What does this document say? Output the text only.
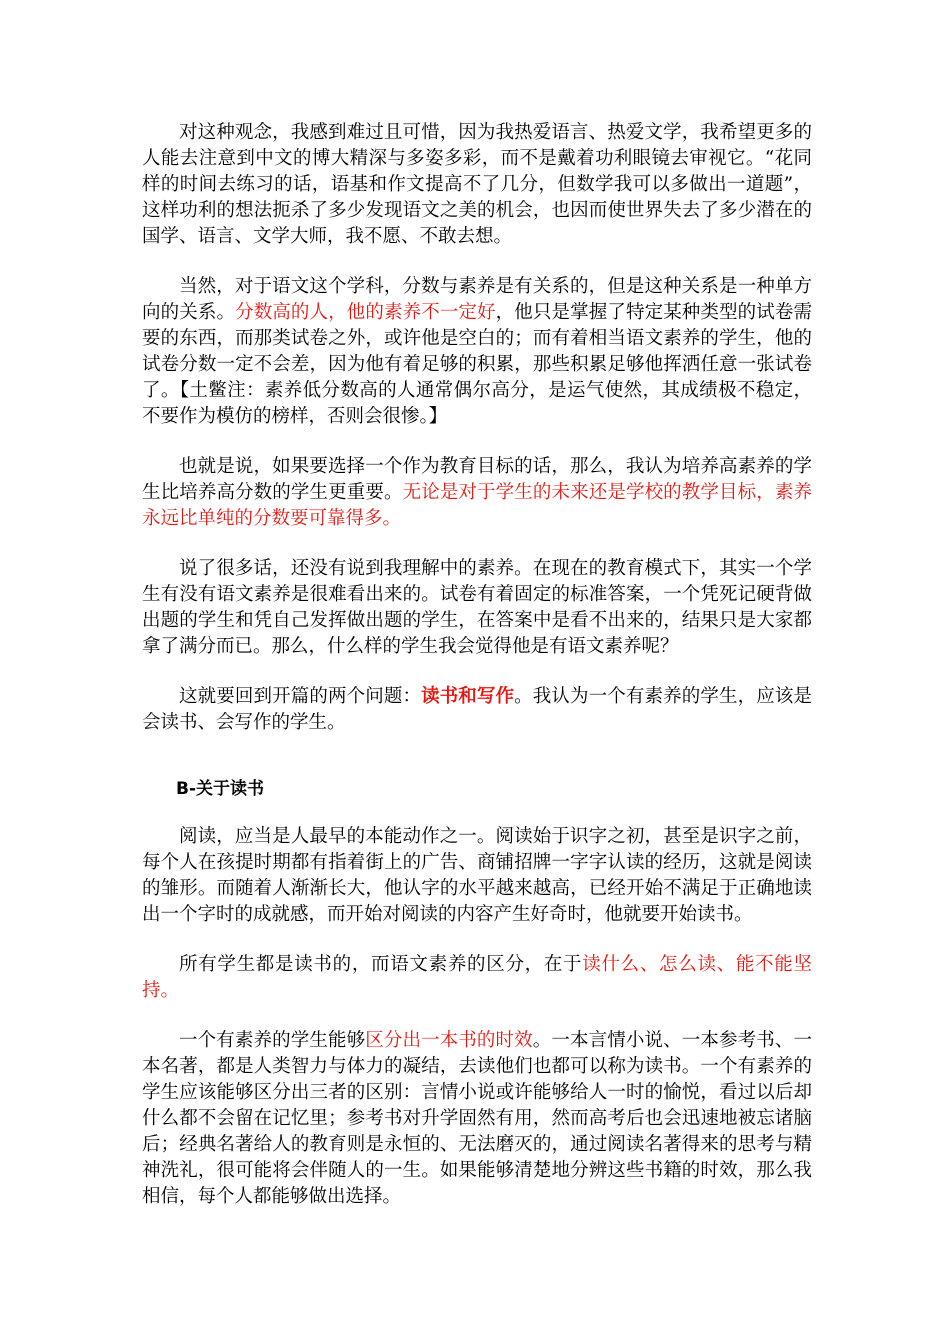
对这种观念，我感到难过且可惜，因为我热爱语言、热爱文学，我希望更多的人能去注意到中文的博大精深与多姿多彩，而不是戴着功利眼镜去审视它。“花同样的时间去练习的话，语基和作文提高不了几分，但数学我可以多做出一道题”，这样功利的想法扼杀了多少发现语文之美的机会，也因而使世界失去了多少潜在的国学、语言、文学大师，我不愿、不敢去想。

当然，对于语文这个学科，分数与素养是有关系的，但是这种关系是一种单方向的关系。分数高的人，他的素养不一定好，他只是掌握了特定某种类型的试卷需要的东西，而那类试卷之外，或许他是空白的；而有着相当语文素养的学生，他的试卷分数一定不会差，因为他有着足够的积累，那些积累足够他挥洒任意一张试卷了。【土鳖注：素养低分数高的人通常偶尔高分，是运气使然，其成绩极不稳定，不要作为模仿的榜样，否则会很惨。】

也就是说，如果要选择一个作为教育目标的话，那么，我认为培养高素养的学生比培养高分数的学生更重要。无论是对于学生的未来还是学校的教学目标，素养永远比单纯的分数要可靠得多。

说了很多话，还没有说到我理解中的素养。在现在的教育模式下，其实一个学生有没有语文素养是很难看出来的。试卷有着固定的标准答案，一个凭死记硬背做出题的学生和凭自己发挥做出题的学生，在答案中是看不出来的，结果只是大家都拿了满分而已。那么，什么样的学生我会觉得他是有语文素养呢？

这就要回到开篇的两个问题：读书和写作。我认为一个有素养的学生，应该是会读书、会写作的学生。

B-关于读书

阅读，应当是人最早的本能动作之一。阅读始于识字之初，甚至是识字之前，每个人在孩提时期都有指着街上的广告、商铺招牌一字字认读的经历，这就是阅读的雏形。而随着人渐渐长大，他认字的水平越来越高，已经开始不满足于正确地读出一个字时的成就感，而开始对阅读的内容产生好奇时，他就要开始读书。

所有学生都是读书的，而语文素养的区分，在于读什么、怎么读、能不能坚持。

一个有素养的学生能够区分出一本书的时效。一本言情小说、一本参考书、一本名著，都是人类智力与体力的凝结，去读他们也都可以称为读书。一个有素养的学生应该能够区分出三者的区别：言情小说或许能够给人一时的愉悦，看过以后却什么都不会留在记忆里；参考书对升学固然有用，然而高考后也会迅速地被忘诸脑后；经典名著给人的教育则是永恒的、无法磨灭的，通过阅读名著得来的思考与精神洗礼，很可能将会伴随人的一生。如果能够清楚地分辨这些书籍的时效，那么我相信，每个人都能够做出选择。
